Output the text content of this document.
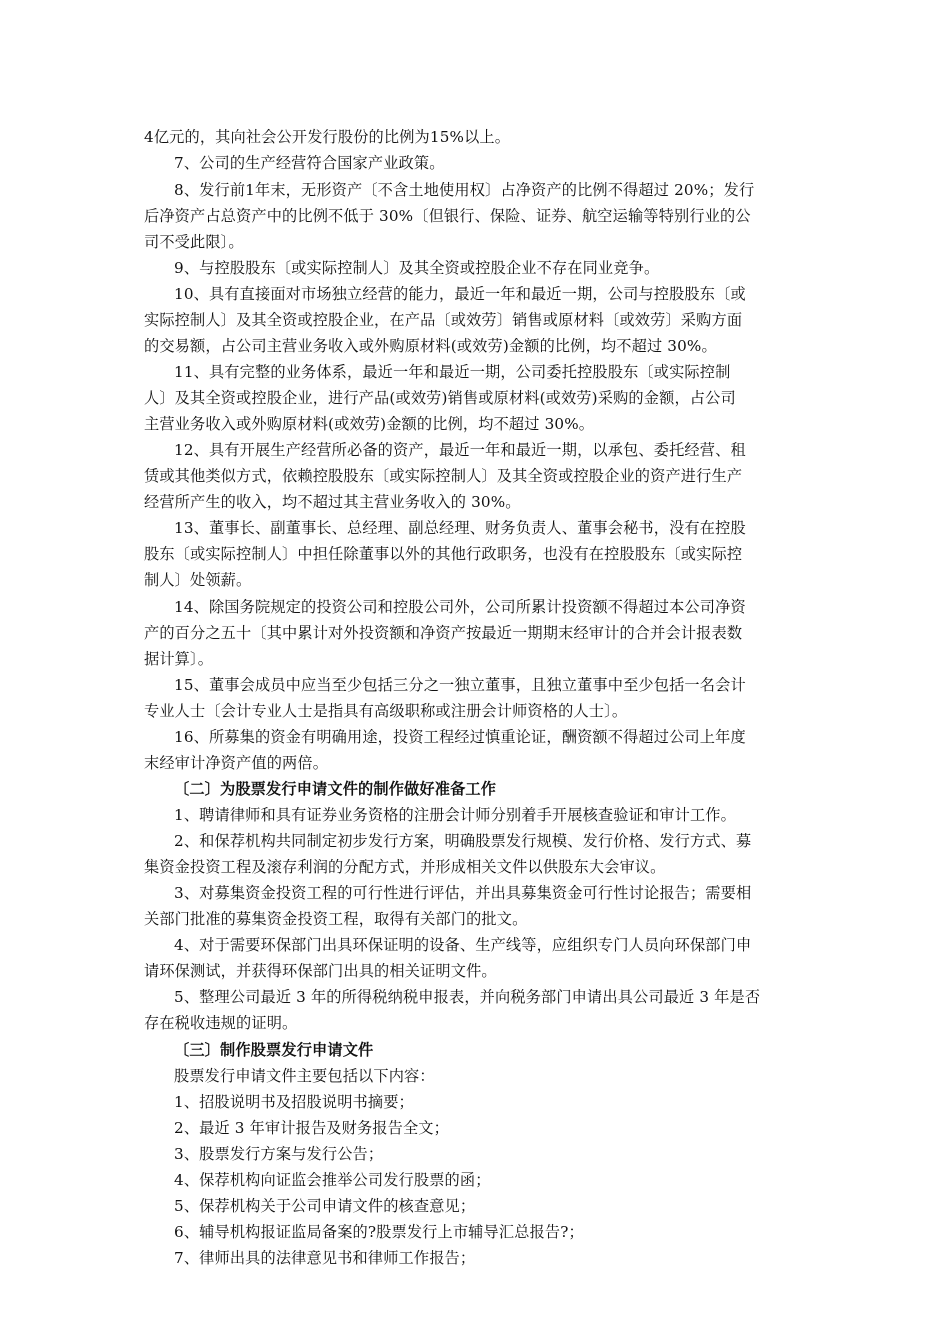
4亿元的，其向社会公开发行股份的比例为15%以上。
7、公司的生产经营符合国家产业政策。
8、发行前1年末，无形资产〔不含土地使用权〕占净资产的比例不得超过 20%；发行
后净资产占总资产中的比例不低于 30%〔但银行、保险、证券、航空运输等特别行业的公
司不受此限〕。
9、与控股股东〔或实际控制人〕及其全资或控股企业不存在同业竞争。
10、具有直接面对市场独立经营的能力，最近一年和最近一期，公司与控股股东〔或
实际控制人〕及其全资或控股企业，在产品〔或效劳〕销售或原材料〔或效劳〕采购方面
的交易额，占公司主营业务收入或外购原材料(或效劳)金额的比例，均不超过 30%。
11、具有完整的业务体系，最近一年和最近一期，公司委托控股股东〔或实际控制
人〕及其全资或控股企业，进行产品(或效劳)销售或原材料(或效劳)采购的金额，占公司
主营业务收入或外购原材料(或效劳)金额的比例，均不超过 30%。
12、具有开展生产经营所必备的资产，最近一年和最近一期，以承包、委托经营、租
赁或其他类似方式，依赖控股股东〔或实际控制人〕及其全资或控股企业的资产进行生产
经营所产生的收入，均不超过其主营业务收入的 30%。
13、董事长、副董事长、总经理、副总经理、财务负责人、董事会秘书，没有在控股
股东〔或实际控制人〕中担任除董事以外的其他行政职务，也没有在控股股东〔或实际控
制人〕处领薪。
14、除国务院规定的投资公司和控股公司外，公司所累计投资额不得超过本公司净资
产的百分之五十〔其中累计对外投资额和净资产按最近一期期末经审计的合并会计报表数
据计算〕。
15、董事会成员中应当至少包括三分之一独立董事，且独立董事中至少包括一名会计
专业人士〔会计专业人士是指具有高级职称或注册会计师资格的人士〕。
16、所募集的资金有明确用途，投资工程经过慎重论证，酬资额不得超过公司上年度
末经审计净资产值的两倍。
〔二〕为股票发行申请文件的制作做好准备工作
1、聘请律师和具有证券业务资格的注册会计师分别着手开展核查验证和审计工作。
2、和保荐机构共同制定初步发行方案，明确股票发行规模、发行价格、发行方式、募
集资金投资工程及滚存利润的分配方式，并形成相关文件以供股东大会审议。
3、对募集资金投资工程的可行性进行评估，并出具募集资金可行性讨论报告；需要相
关部门批准的募集资金投资工程，取得有关部门的批文。
4、对于需要环保部门出具环保证明的设备、生产线等，应组织专门人员向环保部门申
请环保测试，并获得环保部门出具的相关证明文件。
5、整理公司最近 3 年的所得税纳税申报表，并向税务部门申请出具公司最近 3 年是否
存在税收违规的证明。
〔三〕制作股票发行申请文件
股票发行申请文件主要包括以下内容：
1、招股说明书及招股说明书摘要；
2、最近 3 年审计报告及财务报告全文；
3、股票发行方案与发行公告；
4、保荐机构向证监会推举公司发行股票的函；
5、保荐机构关于公司申请文件的核查意见；
6、辅导机构报证监局备案的?股票发行上市辅导汇总报告?；
7、律师出具的法律意见书和律师工作报告；
